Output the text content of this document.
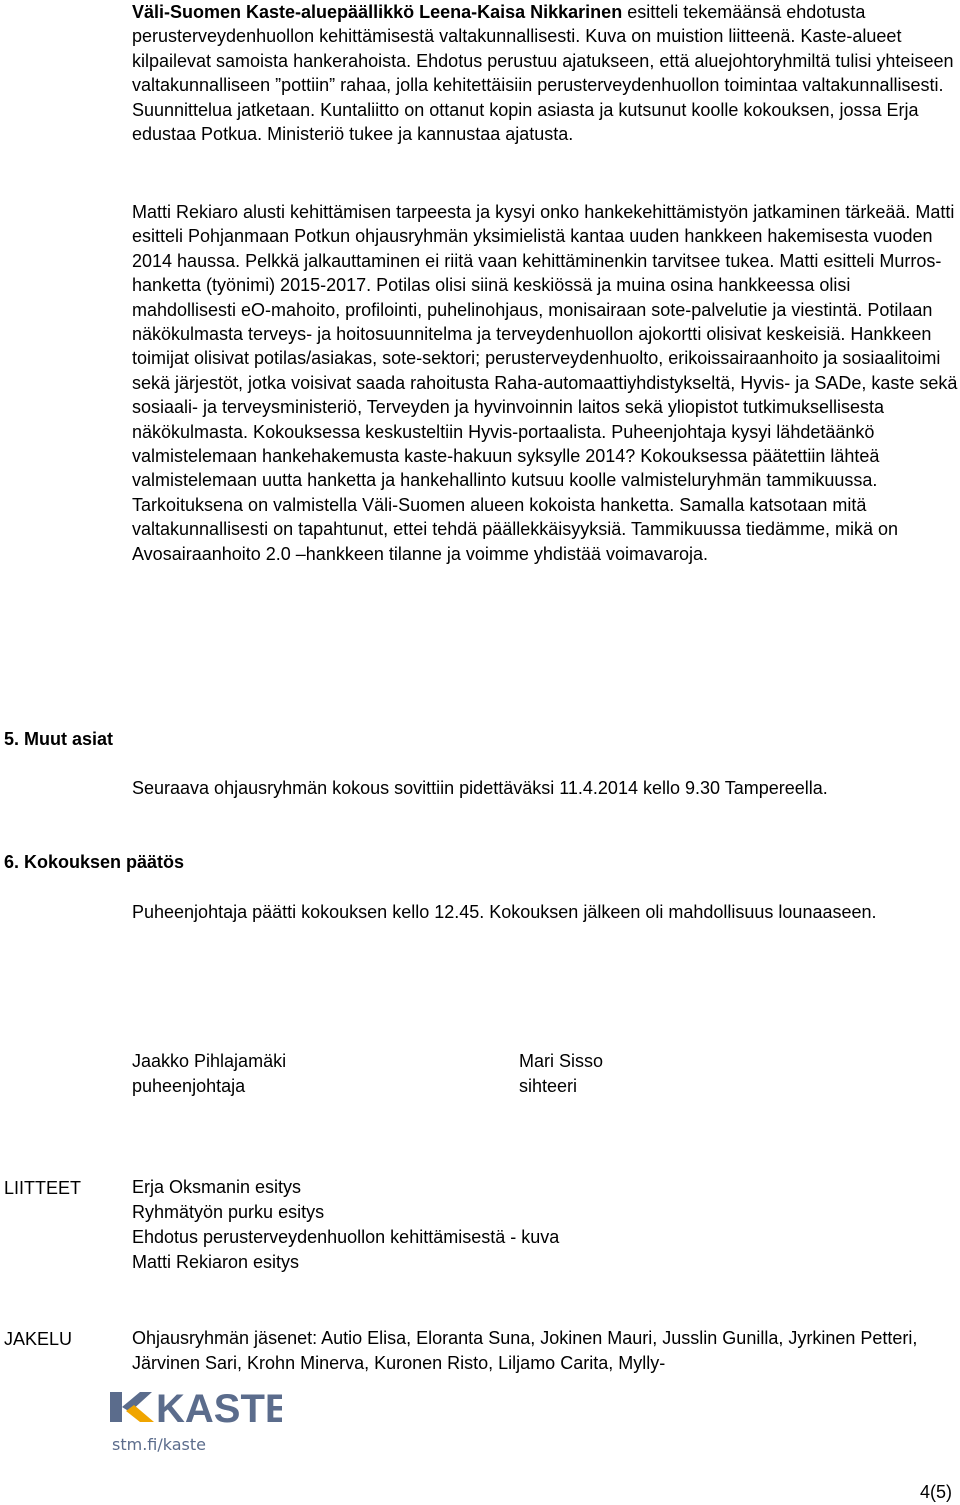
Väli-Suomen Kaste-aluepäällikkö Leena-Kaisa Nikkarinen esitteli tekemäänsä ehdotusta perusterveydenhuollon kehittämisestä valtakunnallisesti. Kuva on muistion liitteenä. Kaste-alueet kilpailevat samoista hankerahoista. Ehdotus perustuu ajatukseen, että aluejohtoryhmiltä tulisi yhteiseen valtakunnalliseen ”pottiin” rahaa, jolla kehitettäisiin perusterveydenhuollon toimintaa valtakunnallisesti. Suunnittelua jatketaan. Kuntaliitto on ottanut kopin asiasta ja kutsunut koolle kokouksen, jossa Erja edustaa Potkua. Ministeriö tukee ja kannustaa ajatusta.

Matti Rekiaro alusti kehittämisen tarpeesta ja kysyi onko hankekehittämistyön jatkaminen tärkeää. Matti esitteli Pohjanmaan Potkun ohjausryhmän yksimielistä kantaa uuden hankkeen hakemisesta vuoden 2014 haussa. Pelkkä jalkauttaminen ei riitä vaan kehittäminenkin tarvitsee tukea. Matti esitteli Murros-hanketta (työnimi) 2015-2017. Potilas olisi siinä keskiössä ja muina osina hankkeessa olisi mahdollisesti eO-mahoito, profilointi, puhelinohjaus, monisairaan sote-palvelutie ja viestintä. Potilaan näkökulmasta terveys- ja hoitosuunnitelma ja terveydenhuollon ajokortti olisivat keskeisiä. Hankkeen toimijat olisivat potilas/asiakas, sote-sektori; perusterveydenhuolto, erikoissairaanhoito ja sosiaalitoimi sekä järjestöt, jotka voisivat saada rahoitusta Raha-automaattiyhdistykseltä, Hyvis- ja SADe, kaste sekä sosiaali- ja terveysministeriö, Terveyden ja hyvinvoinnin laitos sekä yliopistot tutkimuksellisesta näkökulmasta. Kokouksessa keskusteltiin Hyvis-portaalista. Puheenjohtaja kysyi lähdetäänkö valmistelemaan hankehakemusta kaste-hakuun syksylle 2014? Kokouksessa päätettiin lähteä valmistelemaan uutta hanketta ja hankehallinto kutsuu koolle valmisteluryhmän tammikuussa. Tarkoituksena on valmistella Väli-Suomen alueen kokoista hanketta. Samalla katsotaan mitä valtakunnallisesti on tapahtunut, ettei tehdä päällekkäisyyksiä. Tammikuussa tiedämme, mikä on Avosairaanhoito 2.0 –hankkeen tilanne ja voimme yhdistää voimavaroja.

5. Muut asiat

Seuraava ohjausryhmän kokous sovittiin pidettäväksi 11.4.2014 kello 9.30 Tampereella.

6. Kokouksen päätös

Puheenjohtaja päätti kokouksen kello 12.45. Kokouksen jälkeen oli mahdollisuus lounaaseen.

Jaakko Pihlajamäki
puheenjohtaja
Mari Sisso
sihteeri
LIITTEET	Erja Oksmanin esitys
Ryhmätyön purku esitys
Ehdotus perusterveydenhuollon kehittämisestä - kuva
Matti Rekiaron esitys
JAKELU	Ohjausryhmän jäsenet: Autio Elisa, Eloranta Suna, Jokinen Mauri, Jusslin Gunilla, Jyrkinen Petteri, Järvinen Sari, Krohn Minerva, Kuronen Risto, Liljamo Carita, Mylly-

KASTE
stm.fi/kaste
4(5)
